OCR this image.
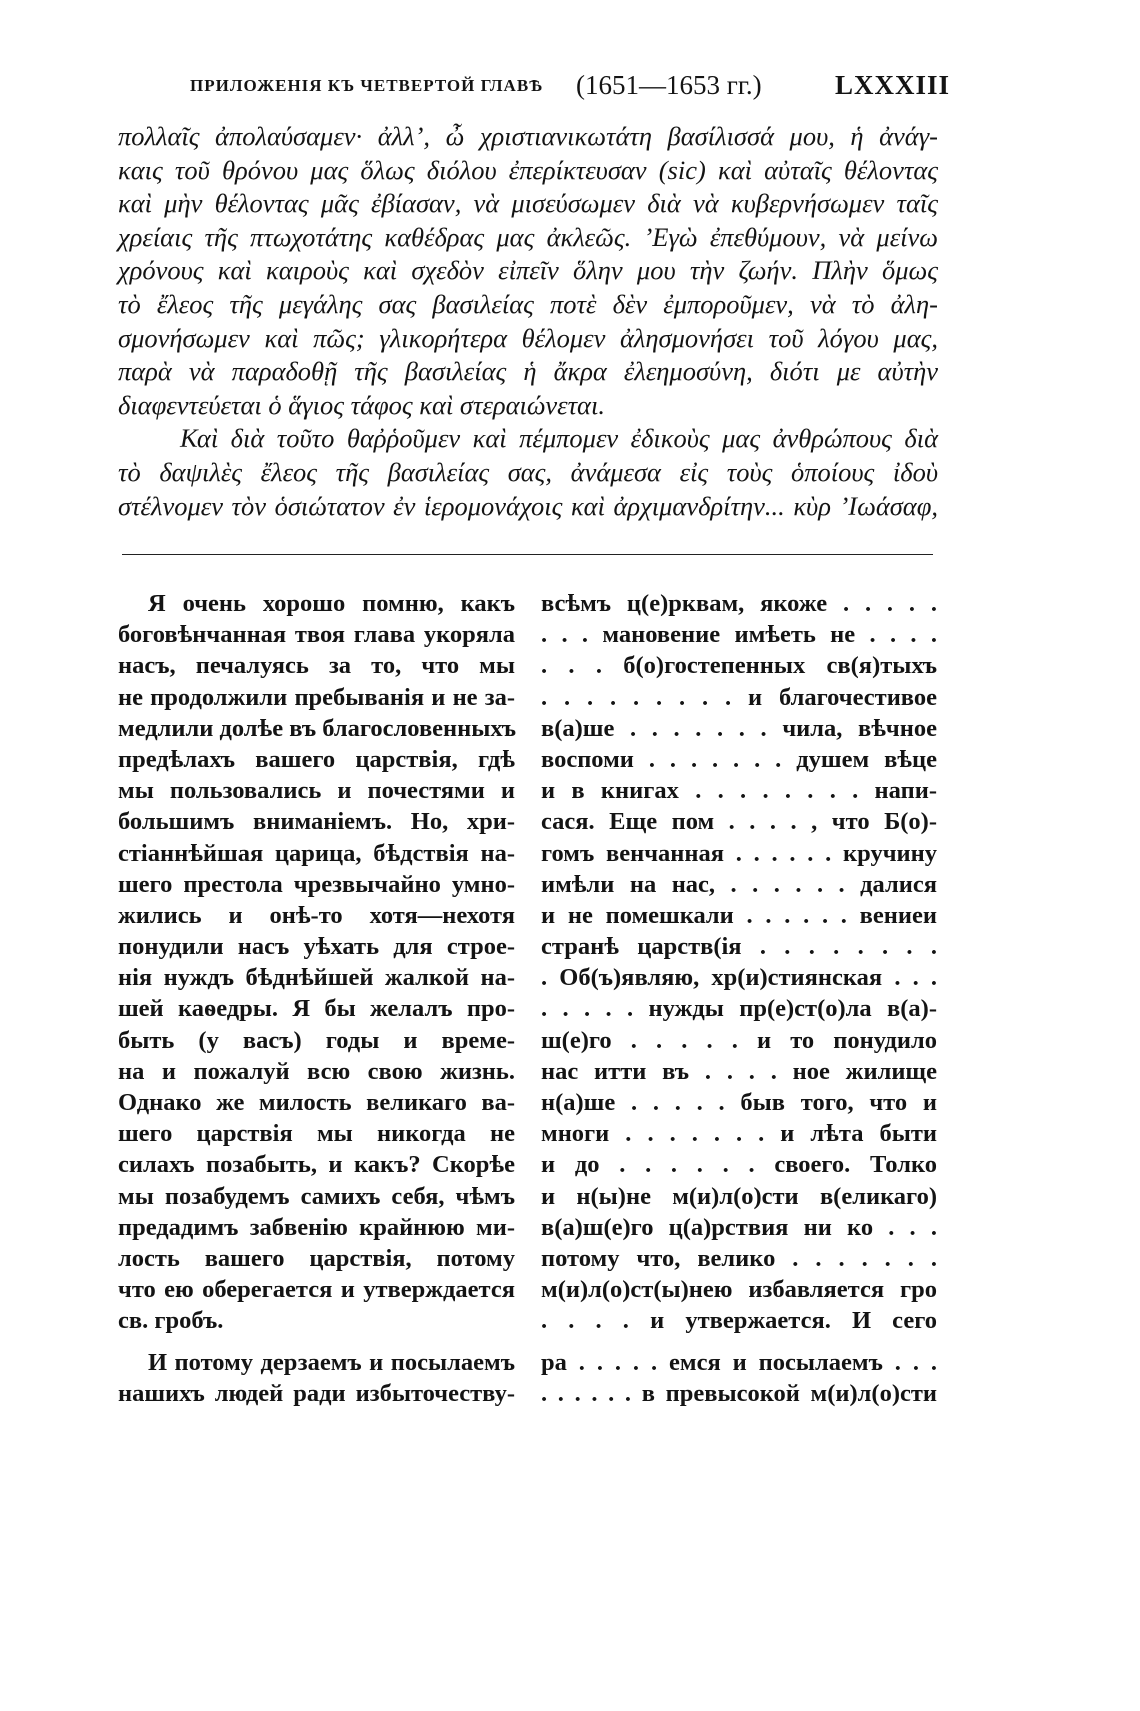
ПРИЛОЖЕНІЯ КЪ ЧЕТВЕРТОЙ ГЛАВѢ (1651—1653 гг.)	LXXXIII
πολλαῖς ἀπολαύσαμεν· ἀλλ’, ὦ χριστιανικωτάτη βασίλισσά μου, ἡ ἀνάγ-
καις τοῦ θρόνου μας ὅλως διόλου ἐπερίκτευσαν (sic) καὶ αὐταῖς θέλοντας
καὶ μὴν θέλοντας μᾶς ἐβίασαν, νὰ μισεύσωμεν διὰ νὰ κυβερνήσωμεν ταῖς
χρείαις τῆς πτωχοτάτης καθέδρας μας ἀκλεῶς. ’Εγὼ ἐπεθύμουν, νὰ μείνω
χρόνους καὶ καιροὺς καὶ σχεδὸν εἰπεῖν ὅλην μου τὴν ζωήν. Πλὴν ὅμως
τὸ ἔλεος τῆς μεγάλης σας βασιλείας ποτὲ δὲν ἐμποροῦμεν, νὰ τὸ ἀλη-
σμονήσωμεν καὶ πῶς; γλικορήτερα θέλομεν ἀλησμονήσει τοῦ λόγου μας,
παρὰ νὰ παραδοθῇ τῆς βασιλείας ἡ ἄκρα ἐλεημοσύνη, διότι με αὐτὴν
διαφεντεύεται ὁ ἅγιος τάφος καὶ στεραιώνεται.
Καὶ διὰ τοῦτο θαῤῥοῦμεν καὶ πέμπομεν ἐδικοὺς μας ἀνθρώπους διὰ
τὸ δαψιλὲς ἔλεος τῆς βασιλείας σας, ἀνάμεσα εἰς τοὺς ὁποίους ἰδοὺ
στέλνομεν τὸν ὁσιώτατον ἐν ἱερομονάχοις καὶ ἀρχιμανδρίτην... κὺρ ’Ιωάσαφ,
Я очень хорошо помню, какъ
боговѣнчанная твоя глава укоряла
насъ, печалуясь за то, что мы
не продолжили пребыванія и не за-
медлили долѣе въ благословенныхъ
предѣлахъ вашего царствія, гдѣ
мы пользовались и почестями и
большимъ вниманіемъ. Но, хри-
стіаннѣйшая царица, бѣдствія на-
шего престола чрезвычайно умно-
жились и онѣ-то хотя—нехотя
понудили насъ уѣхать для строе-
нія нуждъ бѣднѣйшей жалкой на-
шей каѳедры. Я бы желалъ про-
быть (у васъ) годы и време-
на и пожалуй всю свою жизнь.
Однако же милость великаго ва-
шего царствія мы никогда не
силахъ позабыть, и какъ? Скорѣе
мы позабудемъ самихъ себя, чѣмъ
предадимъ забвенію крайнюю ми-
лость вашего царствія, потому
что ею оберегается и утверждается
св. гробъ.
И потому дерзаемъ и посылаемъ
нашихъ людей ради избыточеству-
всѣмъ ц(е)рквам, якоже . . . . .
. . . мановение имѣеть не . . . .
. . . б(о)гостепенных св(я)тыхъ
. . . . . . . . . и благочестивое
в(а)ше . . . . . . . чила, вѣчное
воспоми . . . . . . . душем вѣце
и в книгах . . . . . . . . напи-
сася. Еще пом . . . . , что Б(о)-
гомъ венчанная . . . . . . кручину
имѣли на нас, . . . . . . далися
и не помешкали . . . . . . вениеи
странѣ царств(ія . . . . . . . .
. Об(ъ)являю, хр(и)стиянская . . .
. . . . . нужды пр(е)ст(о)ла в(а)-
ш(е)го . . . . . и то понудило
нас итти въ . . . . ное жилище
н(а)ше . . . . . быв того, что и
многи . . . . . . . и лѣта быти
и до . . . . . . своего. Толко
и н(ы)не м(и)л(о)сти в(еликаго)
в(а)ш(е)го ц(а)рствия ни ко . . .
потому что, велико . . . . . . .
м(и)л(о)ст(ы)нею избавляется гро
. . . . и утвержается. И сего
ра . . . . . емся и посылаемъ . . .
. . . . . . в превысокой м(и)л(о)сти
